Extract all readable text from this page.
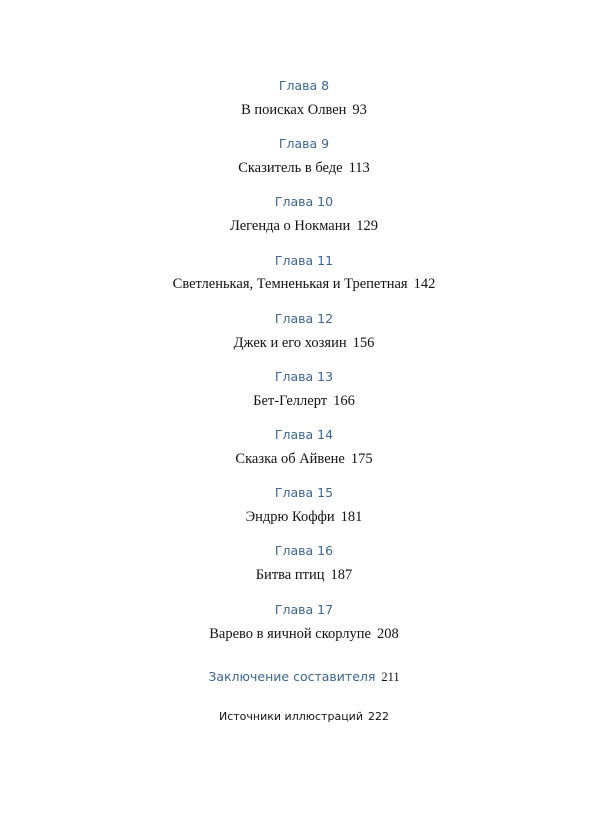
Глава 8
В поисках Олвен 93
Глава 9
Сказитель в беде 113
Глава 10
Легенда о Нокмани 129
Глава 11
Светленькая, Темненькая и Трепетная 142
Глава 12
Джек и его хозяин 156
Глава 13
Бет-Геллерт 166
Глава 14
Сказка об Айвене 175
Глава 15
Эндрю Коффи 181
Глава 16
Битва птиц 187
Глава 17
Варево в яичной скорлупе 208
Заключение составителя 211
Источники иллюстраций 222
